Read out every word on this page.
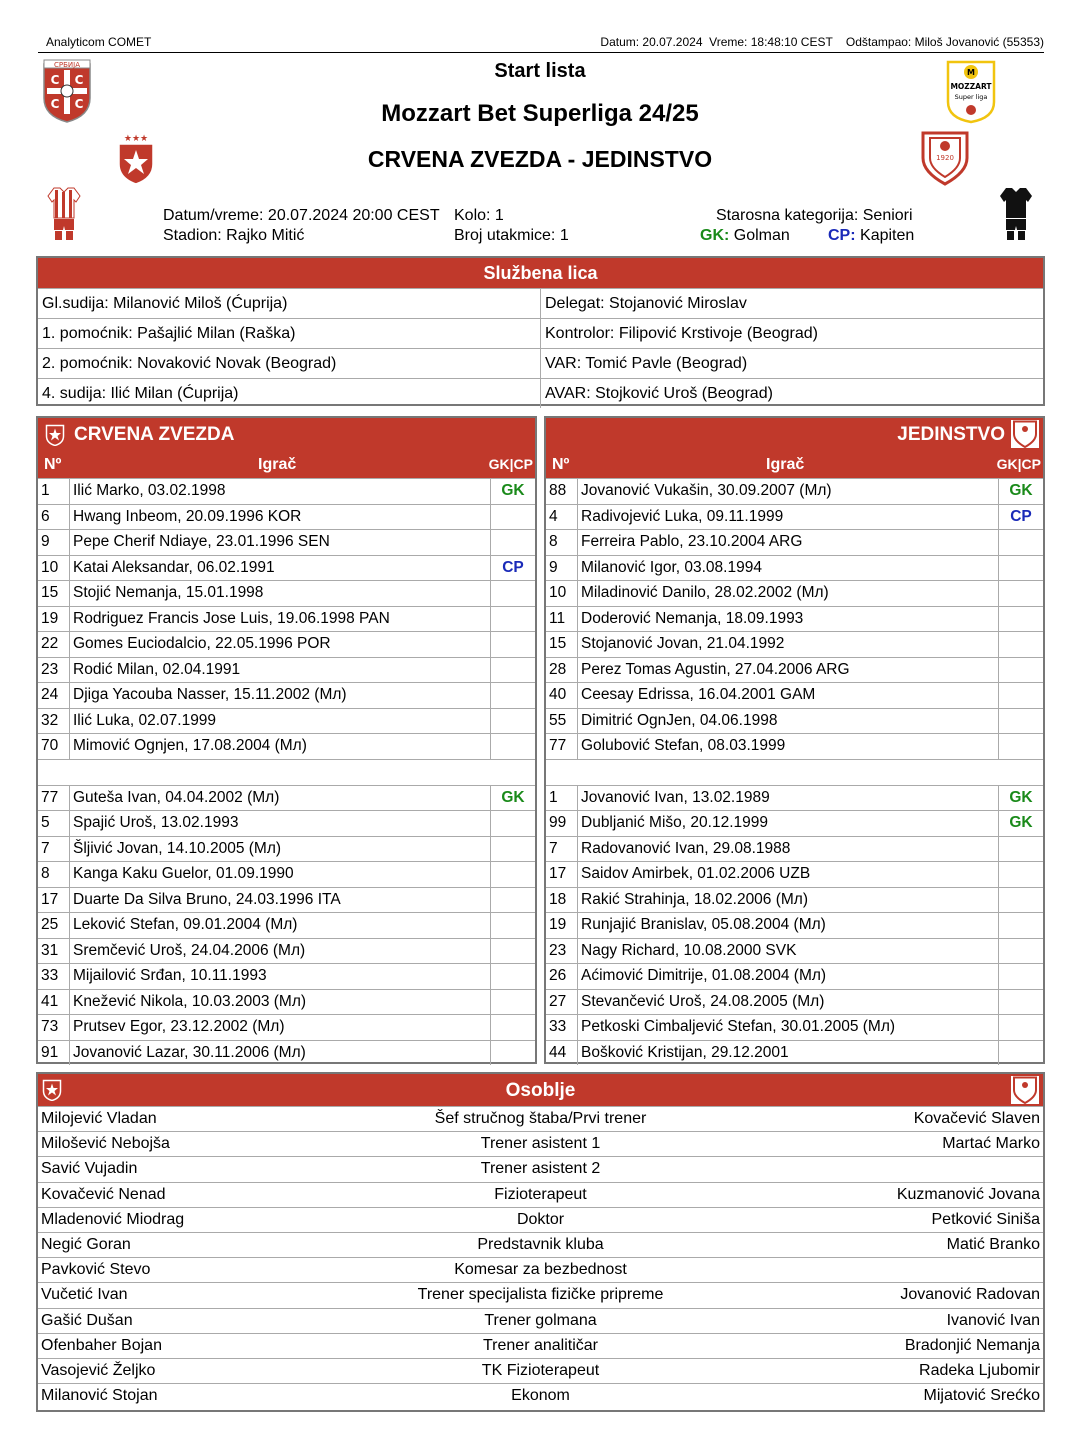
Analyticom COMET	Datum: 20.07.2024  Vreme: 18:48:10 CEST    Odštampao: Miloš Jovanović (55353)
СРБИЈА
C C
C C
M
MOZZART
Super liga
Start lista
Mozzart Bet Superliga 24/25
CRVENA ZVEZDA - JEDINSTVO
★★★
1920
Datum/vreme: 20.07.2024 20:00 CEST Kolo: 1	Starosna kategorija: Seniori
Stadion: Rajko Mitić	Broj utakmice: 1	GK: Golman CP: Kapiten
Službena lica
Gl.sudija: Milanović Miloš (Ćuprija)	Delegat: Stojanović Miroslav
1. pomoćnik: Pašajlić Milan (Raška)	Kontrolor: Filipović Krstivoje (Beograd)
2. pomoćnik: Novaković Novak (Beograd)	VAR: Tomić Pavle (Beograd)
4. sudija: Ilić Milan (Ćuprija)	AVAR: Stojković Uroš (Beograd)
CRVENA ZVEZDA
Nº	Igrač	GK|CP
1	Ilić Marko, 03.02.1998	GK
6	Hwang Inbeom, 20.09.1996 KOR	
9	Pepe Cherif Ndiaye, 23.01.1996 SEN	
10	Katai Aleksandar, 06.02.1991	CP
15	Stojić Nemanja, 15.01.1998	
19	Rodriguez Francis Jose Luis, 19.06.1998 PAN	
22	Gomes Euciodalcio, 22.05.1996 POR	
23	Rodić Milan, 02.04.1991	
24	Djiga Yacouba Nasser, 15.11.2002 (Mл)	
32	Ilić Luka, 02.07.1999	
70	Mimović Ognjen, 17.08.2004 (Mл)	

77	Guteša Ivan, 04.04.2002 (Mл)	GK
5	Spajić Uroš, 13.02.1993	
7	Šljivić Jovan, 14.10.2005 (Mл)	
8	Kanga Kaku Guelor, 01.09.1990	
17	Duarte Da Silva Bruno, 24.03.1996 ITA	
25	Leković Stefan, 09.01.2004 (Mл)	
31	Sremčević Uroš, 24.04.2006 (Mл)	
33	Mijailović Srđan, 10.11.1993	
41	Knežević Nikola, 10.03.2003 (Mл)	
73	Prutsev Egor, 23.12.2002 (Mл)	
91	Jovanović Lazar, 30.11.2006 (Mл)	
JEDINSTVO
Nº	Igrač	GK|CP
88	Jovanović Vukašin, 30.09.2007 (Mл)	GK
4	Radivojević Luka, 09.11.1999	CP
8	Ferreira Pablo, 23.10.2004 ARG	
9	Milanović Igor, 03.08.1994	
10	Miladinović Danilo, 28.02.2002 (Mл)	
11	Doderović Nemanja, 18.09.1993	
15	Stojanović Jovan, 21.04.1992	
28	Perez Tomas Agustin, 27.04.2006 ARG	
40	Ceesay Edrissa, 16.04.2001 GAM	
55	Dimitrić OgnJen, 04.06.1998	
77	Golubović Stefan, 08.03.1999	

1	Jovanović Ivan, 13.02.1989	GK
99	Dubljanić Mišo, 20.12.1999	GK
7	Radovanović Ivan, 29.08.1988	
17	Saidov Amirbek, 01.02.2006 UZB	
18	Rakić Strahinja, 18.02.2006 (Mл)	
19	Runjajić Branislav, 05.08.2004 (Mл)	
23	Nagy Richard, 10.08.2000 SVK	
26	Aćimović Dimitrije, 01.08.2004 (Mл)	
27	Stevančević Uroš, 24.08.2005 (Mл)	
33	Petkoski Cimbaljević Stefan, 30.01.2005 (Mл)	
44	Bošković Kristijan, 29.12.2001	
Osoblje
Milojević Vladan	Šef stručnog štaba/Prvi trener	Kovačević Slaven
Milošević Nebojša	Trener asistent 1	Martać Marko
Savić Vujadin	Trener asistent 2	
Kovačević Nenad	Fizioterapeut	Kuzmanović Jovana
Mladenović Miodrag	Doktor	Petković Siniša
Negić Goran	Predstavnik kluba	Matić Branko
Pavković Stevo	Komesar za bezbednost	
Vučetić Ivan	Trener specijalista fizičke pripreme	Jovanović Radovan
Gašić Dušan	Trener golmana	Ivanović Ivan
Ofenbaher Bojan	Trener analitičar	Bradonjić Nemanja
Vasojević Željko	TK Fizioterapeut	Radeka Ljubomir
Milanović Stojan	Ekonom	Mijatović Srećko
